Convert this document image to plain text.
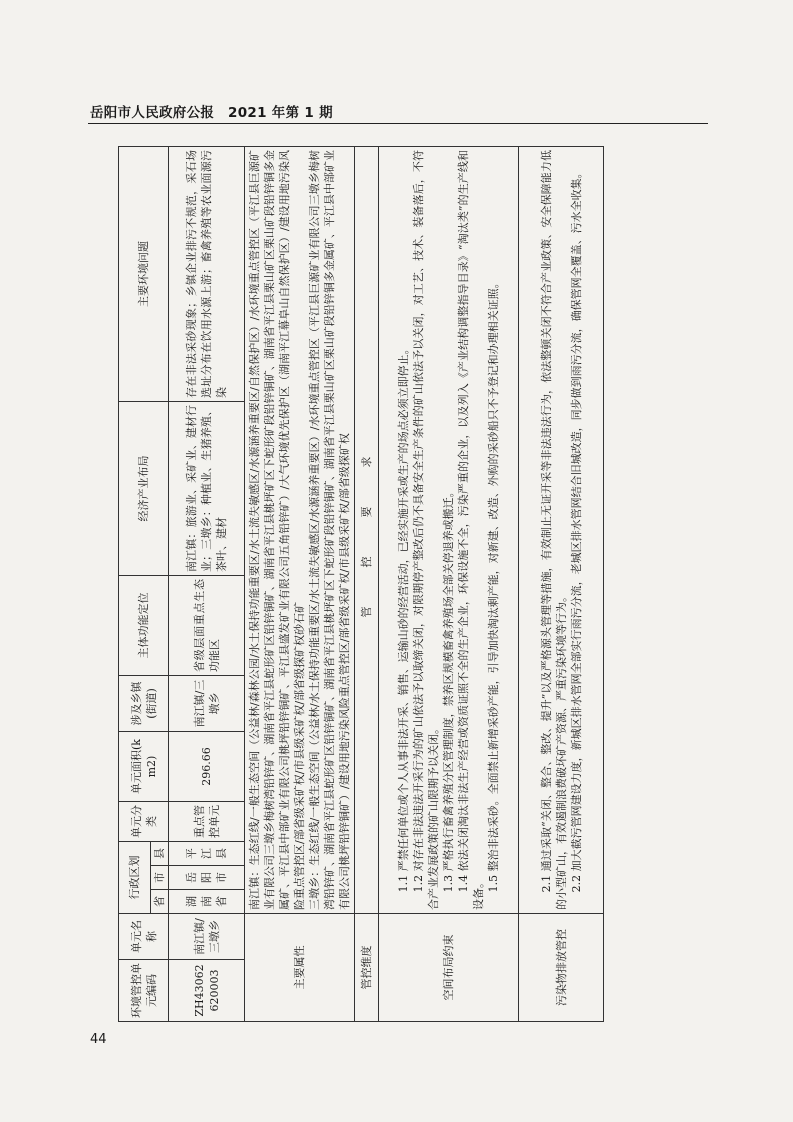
岳阳市人民政府公报　2021 年第 1 期
环境管控单元编码	单元名称	行政区划			单元分类	单元面积(km2)	涉及乡镇(街道)	主体功能定位	经济产业布局	主要环境问题
		省	市	县						
ZH43062620003	南江镇/三墩乡	湖南省	岳阳市	平江县	重点管控单元	296.66	南江镇/三墩乡	省级层面重点生态功能区	南江镇：旅游业、采矿业、建材行业；三墩乡：种植业、生猪养殖、茶叶、建材	存在非法采砂现象；乡镇企业排污不规范，采石场选址分布在饮用水源上游；畜禽养殖等农业面源污染
主要属性		南江镇：生态红线/一般生态空间（公益林/森林公园/水土保持功能重要区/水土流失敏感区/水源涵养重要区/自然保护区）/水环境重点管控区（平江县巨源矿业有限公司三墩乡梅树湾铅锌矿、湖南省平江县蛇形矿区铅锌铜矿、湖南省平江县桃坪矿区下蛇形矿段铅锌铜矿、湖南省平江县栗山矿区栗山矿段铅锌铜多金属矿、平江县中部矿业有限公司桃坪铅锌铜矿、平江县盛发矿业有限公司五角铅锌矿）/大气环境优先保护区（湖南平江幕阜山自然保护区）/建设用地污染风险重点管控区/部省级采矿权/市县级采矿权/部省级探矿权砂石矿 三墩乡：生态红线/一般生态空间（公益林/水土保持功能重要区/水土流失敏感区/水源涵养重要区）/水环境重点管控区（平江县巨源矿业有限公司三墩乡梅树湾铅锌矿、湖南省平江县蛇形矿区铅锌铜矿、湖南省平江县桃坪矿区下蛇形矿段铅锌铜矿、湖南省平江县栗山矿区栗山矿段铅锌铜多金属矿、平江县中部矿业有限公司桃坪铅锌铜矿）/建设用地污染风险重点管控区/部省级采矿权/市县级采矿权/部省级探矿权								

管控维度		管　控　要　求								
空间布局约束		1.1 严禁任何单位或个人从事非法开采、销售、运输山砂的经营活动，已经实施开采或生产的场点必须立即停止。 1.2 对存在非法违法开采行为的矿山依法予以取缔关闭，对限期停产整改后仍不具备安全生产条件的矿山依法予以关闭，对工艺、技术、装备落后，不符合产业发展政策的矿山限期予以关闭。 1.3 严格执行畜禽养殖分区管理制度，禁养区规模畜禽养殖场全部关停退养或搬迁。 1.4 依法关闭淘汰非法生产经营或资质证照不全的生产企业，环保设施不全，污染严重的企业，以及列入《产业结构调整指导目录》“淘汰类”的生产线和设备。

1.5 整治非法采砂。全面禁止新增采砂产能，引导加快淘汰剩产能，对新建、改造、外购的采砂船只不予登记和办理相关证照。								

污染物排放管控		2.1 通过采取“关闭、整合、整改、提升”以及严格源头管理等措施，有效制止无证开采等非法违法行为，依法整顿关闭不符合产业政策、安全保障能力低的小型矿山，有效遏制浪费破坏矿产资源、严重污染环境等行为。 2.2 加大截污管网建设力度，新城区排水管网全部实行雨污分流，老城区排水管网结合旧城改造，同步做到雨污分流，确保管网全覆盖、污水全收集。								

44
